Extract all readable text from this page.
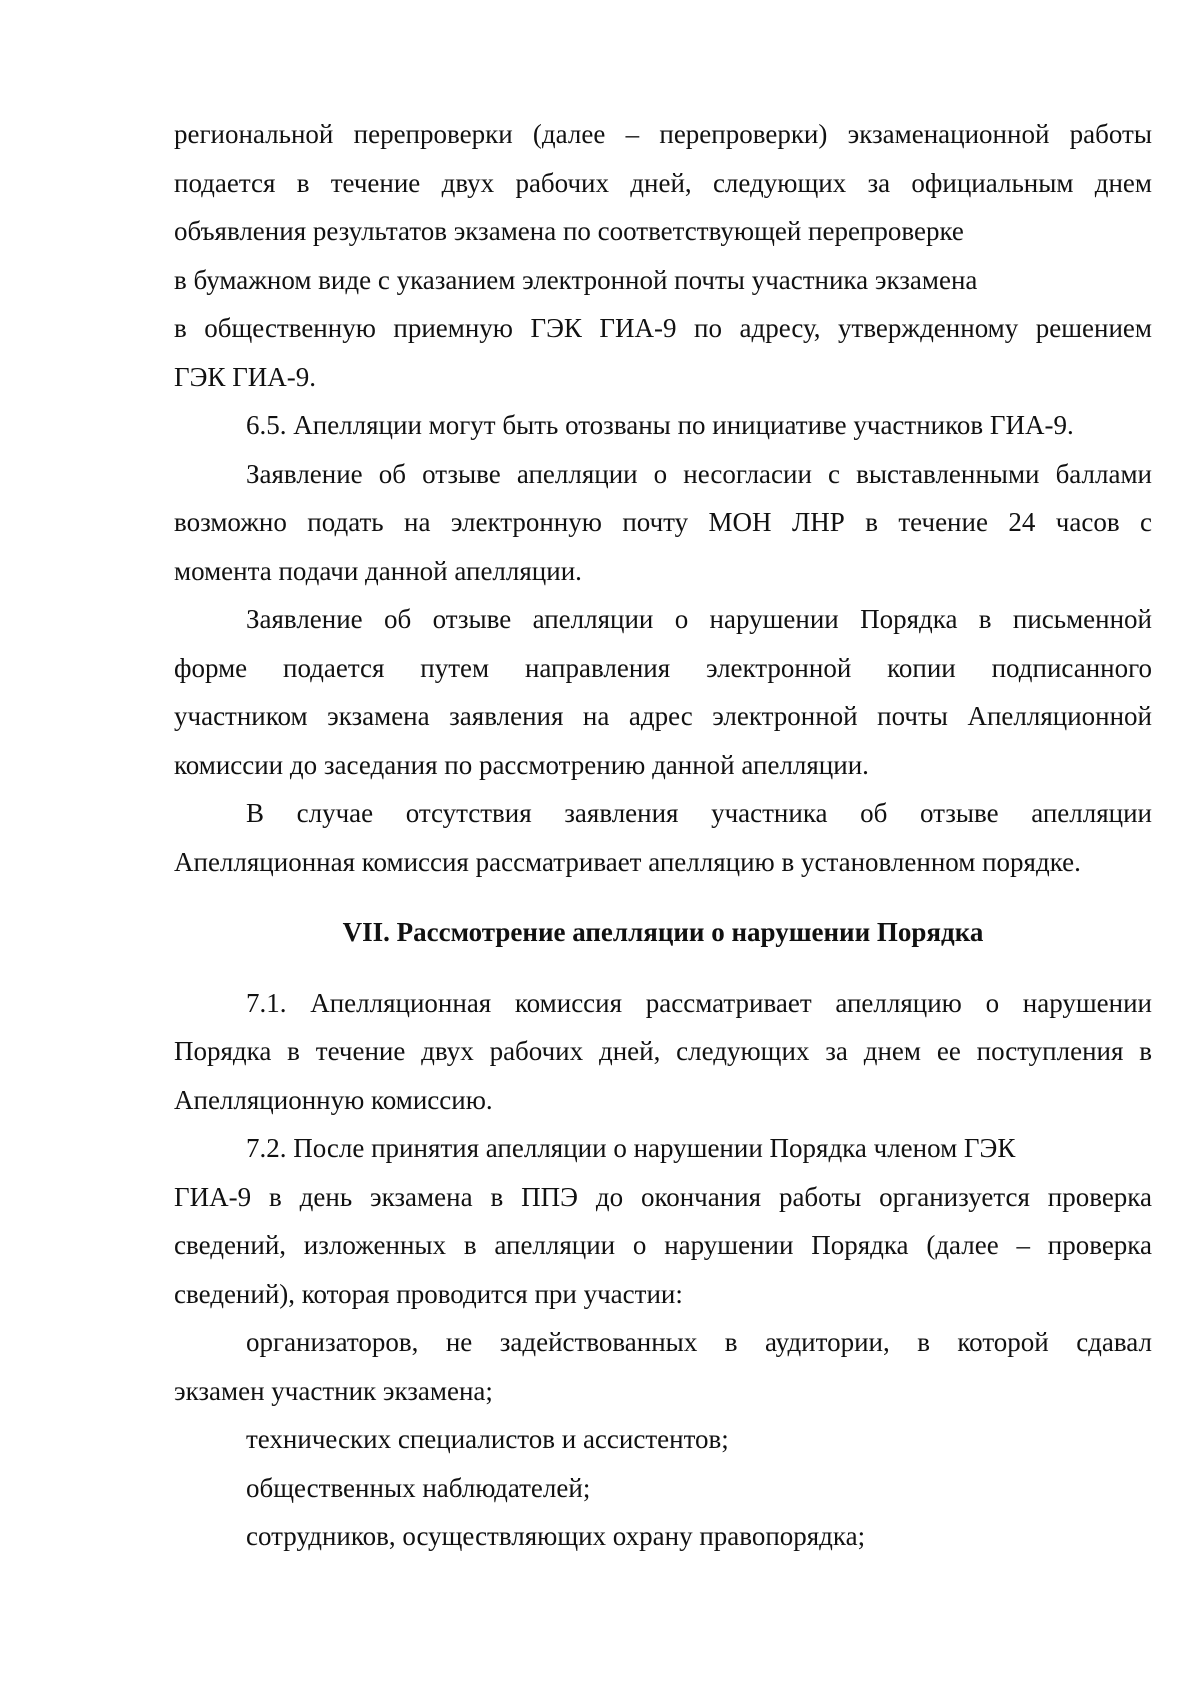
региональной перепроверки (далее – перепроверки) экзаменационной работы
подается в течение двух рабочих дней, следующих за официальным днем
объявления результатов экзамена по соответствующей перепроверке
в бумажном виде с указанием электронной почты участника экзамена
в общественную приемную ГЭК ГИА-9 по адресу, утвержденному решением
ГЭК ГИА-9.
6.5. Апелляции могут быть отозваны по инициативе участников ГИА-9.
Заявление об отзыве апелляции о несогласии с выставленными баллами
возможно подать на электронную почту МОН ЛНР в течение 24 часов с
момента подачи данной апелляции.
Заявление об отзыве апелляции о нарушении Порядка в письменной
форме подается путем направления электронной копии подписанного
участником экзамена заявления на адрес электронной почты Апелляционной
комиссии до заседания по рассмотрению данной апелляции.
В случае отсутствия заявления участника об отзыве апелляции
Апелляционная комиссия рассматривает апелляцию в установленном порядке.
VII. Рассмотрение апелляции о нарушении Порядка
7.1. Апелляционная комиссия рассматривает апелляцию о нарушении
Порядка в течение двух рабочих дней, следующих за днем ее поступления в
Апелляционную комиссию.
7.2. После принятия апелляции о нарушении Порядка членом ГЭК
ГИА-9 в день экзамена в ППЭ до окончания работы организуется проверка
сведений, изложенных в апелляции о нарушении Порядка (далее – проверка
сведений), которая проводится при участии:
организаторов, не задействованных в аудитории, в которой сдавал
экзамен участник экзамена;
технических специалистов и ассистентов;
общественных наблюдателей;
сотрудников, осуществляющих охрану правопорядка;
